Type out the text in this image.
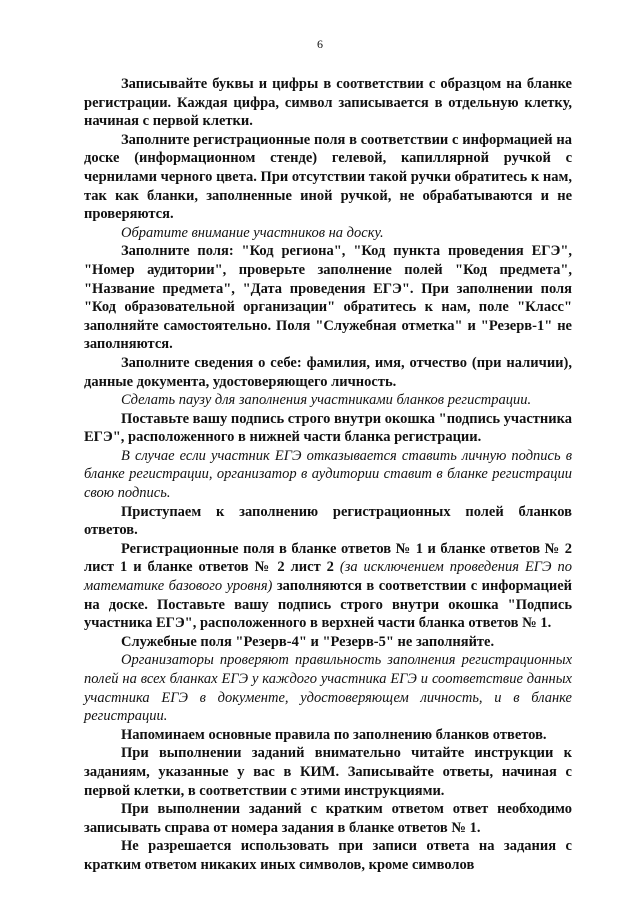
6

Записывайте буквы и цифры в соответствии с образцом на бланке регистрации. Каждая цифра, символ записывается в отдельную клетку, начиная с первой клетки.

Заполните регистрационные поля в соответствии с информацией на доске (информационном стенде) гелевой, капиллярной ручкой с чернилами черного цвета. При отсутствии такой ручки обратитесь к нам, так как бланки, заполненные иной ручкой, не обрабатываются и не проверяются.

Обратите внимание участников на доску.

Заполните поля: "Код региона", "Код пункта проведения ЕГЭ", "Номер аудитории", проверьте заполнение полей "Код предмета", "Название предмета", "Дата проведения ЕГЭ". При заполнении поля "Код образовательной организации" обратитесь к нам, поле "Класс" заполняйте самостоятельно. Поля "Служебная отметка" и "Резерв-1" не заполняются.

Заполните сведения о себе: фамилия, имя, отчество (при наличии), данные документа, удостоверяющего личность.

Сделать паузу для заполнения участниками бланков регистрации.

Поставьте вашу подпись строго внутри окошка "подпись участника ЕГЭ", расположенного в нижней части бланка регистрации.

В случае если участник ЕГЭ отказывается ставить личную подпись в бланке регистрации, организатор в аудитории ставит в бланке регистрации свою подпись.

Приступаем к заполнению регистрационных полей бланков ответов.

Регистрационные поля в бланке ответов № 1 и бланке ответов № 2 лист 1 и бланке ответов № 2 лист 2 (за исключением проведения ЕГЭ по математике базового уровня) заполняются в соответствии с информацией на доске. Поставьте вашу подпись строго внутри окошка "Подпись участника ЕГЭ", расположенного в верхней части бланка ответов № 1.

Служебные поля "Резерв-4" и "Резерв-5" не заполняйте.

Организаторы проверяют правильность заполнения регистрационных полей на всех бланках ЕГЭ у каждого участника ЕГЭ и соответствие данных участника ЕГЭ в документе, удостоверяющем личность, и в бланке регистрации.

Напоминаем основные правила по заполнению бланков ответов.

При выполнении заданий внимательно читайте инструкции к заданиям, указанные у вас в КИМ. Записывайте ответы, начиная с первой клетки, в соответствии с этими инструкциями.

При выполнении заданий с кратким ответом ответ необходимо записывать справа от номера задания в бланке ответов № 1.

Не разрешается использовать при записи ответа на задания с кратким ответом никаких иных символов, кроме символов
